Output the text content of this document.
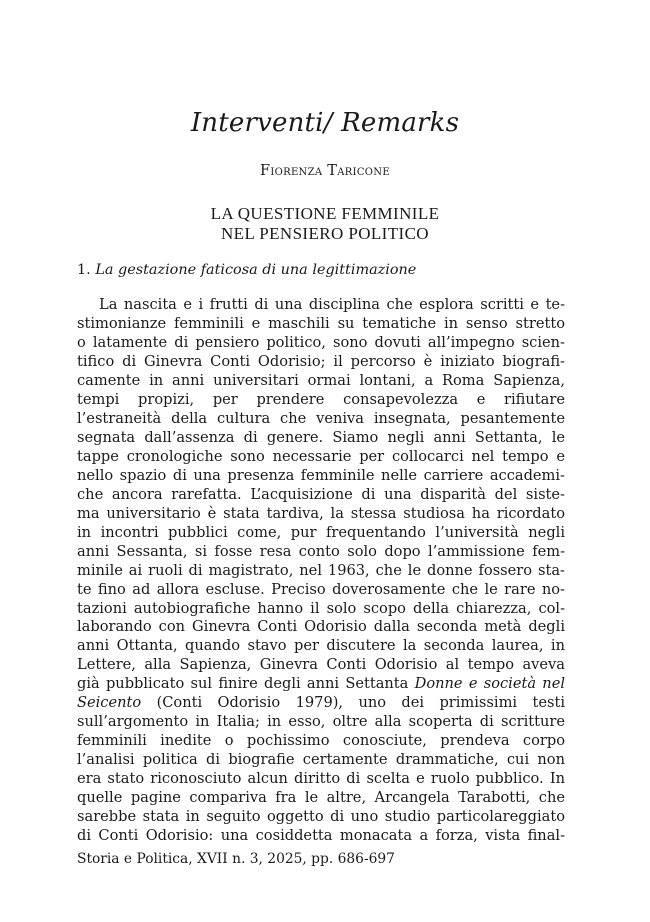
Interventi/ Remarks
Fiorenza Taricone
LA QUESTIONE FEMMINILE
NEL PENSIERO POLITICO
1. La gestazione faticosa di una legittimazione
La nascita e i frutti di una disciplina che esplora scritti e te-
stimonianze femminili e maschili su tematiche in senso stretto
o latamente di pensiero politico, sono dovuti all’impegno scien-
tifico di Ginevra Conti Odorisio; il percorso è iniziato biografi-
camente in anni universitari ormai lontani, a Roma Sapienza,
tempi propizi, per prendere consapevolezza e rifiutare
l’estraneità della cultura che veniva insegnata, pesantemente
segnata dall’assenza di genere. Siamo negli anni Settanta, le
tappe cronologiche sono necessarie per collocarci nel tempo e
nello spazio di una presenza femminile nelle carriere accademi-
che ancora rarefatta. L’acquisizione di una disparità del siste-
ma universitario è stata tardiva, la stessa studiosa ha ricordato
in incontri pubblici come, pur frequentando l’università negli
anni Sessanta, si fosse resa conto solo dopo l’ammissione fem-
minile ai ruoli di magistrato, nel 1963, che le donne fossero sta-
te fino ad allora escluse. Preciso doverosamente che le rare no-
tazioni autobiografiche hanno il solo scopo della chiarezza, col-
laborando con Ginevra Conti Odorisio dalla seconda metà degli
anni Ottanta, quando stavo per discutere la seconda laurea, in
Lettere, alla Sapienza, Ginevra Conti Odorisio al tempo aveva
già pubblicato sul finire degli anni Settanta Donne e società nel
Seicento (Conti Odorisio 1979), uno dei primissimi testi
sull’argomento in Italia; in esso, oltre alla scoperta di scritture
femminili inedite o pochissimo conosciute, prendeva corpo
l’analisi politica di biografie certamente drammatiche, cui non
era stato riconosciuto alcun diritto di scelta e ruolo pubblico. In
quelle pagine compariva fra le altre, Arcangela Tarabotti, che
sarebbe stata in seguito oggetto di uno studio particolareggiato
di Conti Odorisio: una cosiddetta monacata a forza, vista final-
Storia e Politica, XVII n. 3, 2025, pp. 686-697
